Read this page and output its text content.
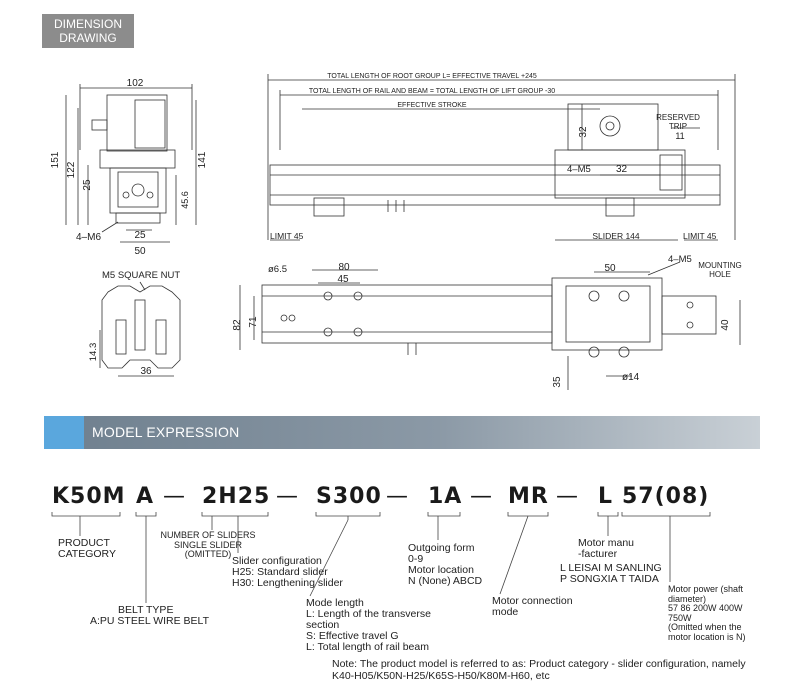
DIMENSION
DRAWING
102
151
122
141
25
45.6
4–M6	25
50
M5 SQUARE NUT
14.3
36
TOTAL LENGTH OF ROOT GROUP L= EFFECTIVE TRAVEL +245
TOTAL LENGTH OF RAIL AND BEAM = TOTAL LENGTH OF LIFT GROUP -30
EFFECTIVE STROKE
RESERVED
TRIP
11
32
4–M5	32
LIMIT 45	SLIDER 144	LIMIT 45
ø6.5	80
45
82 71
50
4–M5
MOUNTING
HOLE
40
35	ø14
MODEL EXPRESSION
K50M A — 2H25 — S300 — 1A — MR — L 57(08)
PRODUCT
CATEGORY
NUMBER OF SLIDERS
SINGLE SLIDER (OMITTED)
Slider configuration
H25: Standard slider
H30: Lengthening slider
BELT TYPE
A:PU STEEL WIRE BELT
Mode length
L: Length of the transverse
section
S: Effective travel G
L: Total length of rail beam
Outgoing form
0-9
Motor location
N (None) ABCD
Motor connection
mode
Motor manu
-facturer
L LEISAI M SANLING
P SONGXIA T TAIDA
Motor power (shaft
diameter)
57 86 200W 400W
750W
(Omitted when the
motor location is N)
Note: The product model is referred to as: Product category - slider configuration, namely
K40-H05/K50N-H25/K65S-H50/K80M-H60, etc
